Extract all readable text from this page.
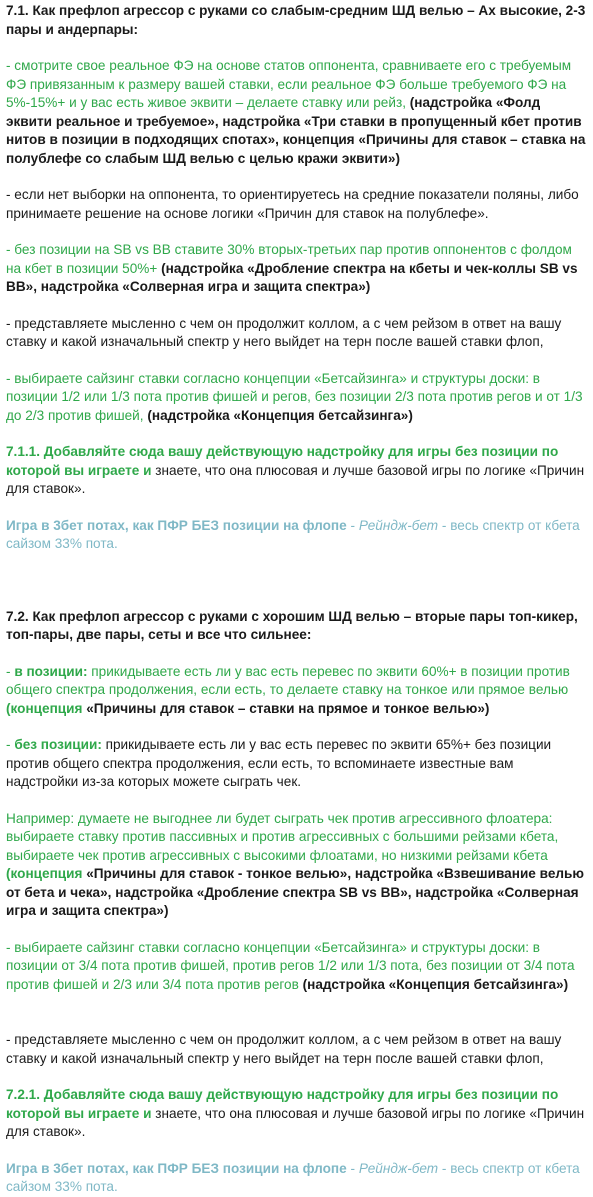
7.1. Как префлоп агрессор с руками со слабым-средним ШД велью – Ах высокие, 2-3 пары и андерпары:

- смотрите свое реальное ФЭ на основе статов оппонента, сравниваете его с требуемым ФЭ привязанным к размеру вашей ставки, если реальное ФЭ больше требуемого ФЭ на 5%-15%+ и у вас есть живое эквити – делаете ставку или рейз, (надстройка «Фолд эквити реальное и требуемое», надстройка «Три ставки в пропущенный кбет против нитов в позиции в подходящих спотах», концепция «Причины для ставок – ставка на полублефе со слабым ШД велью с целью кражи эквити»)

- если нет выборки на оппонента, то ориентируетесь на средние показатели поляны, либо принимаете решение на основе логики «Причин для ставок на полублефе».

- без позиции на SB vs BB ставите 30% вторых-третьих пар против оппонентов с фолдом на кбет в позиции 50%+ (надстройка «Дробление спектра на кбеты и чек-коллы SB vs BB», надстройка «Солверная игра и защита спектра»)

- представляете мысленно с чем он продолжит коллом, а с чем рейзом в ответ на вашу ставку и какой изначальный спектр у него выйдет на терн после вашей ставки флоп,

- выбираете сайзинг ставки согласно концепции «Бетсайзинга» и структуры доски: в позиции 1/2 или 1/3 пота против фишей и регов, без позиции 2/3 пота против регов и от 1/3 до 2/3 против фишей, (надстройка «Концепция бетсайзинга»)

7.1.1. Добавляйте сюда вашу действующую надстройку для игры без позиции по которой вы играете и знаете, что она плюсовая и лучше базовой игры по логике «Причин для ставок».

Игра в 3бет потах, как ПФР БЕЗ позиции на флопе - Рейндж-бет - весь спектр от кбета сайзом 33% пота.

7.2. Как префлоп агрессор с руками с хорошим ШД велью – вторые пары топ-кикер, топ-пары, две пары, сеты и все что сильнее:

- в позиции: прикидываете есть ли у вас есть перевес по эквити 60%+ в позиции против общего спектра продолжения, если есть, то делаете ставку на тонкое или прямое велью (концепция «Причины для ставок – ставки на прямое и тонкое велью»)

- без позиции: прикидываете есть ли у вас есть перевес по эквити 65%+ без позиции против общего спектра продолжения, если есть, то вспоминаете известные вам надстройки из-за которых можете сыграть чек.

Например: думаете не выгоднее ли будет сыграть чек против агрессивного флоатера: выбираете ставку против пассивных и против агрессивных с большими рейзами кбета, выбираете чек против агрессивных с высокими флоатами, но низкими рейзами кбета (концепция «Причины для ставок - тонкое велью», надстройка «Взвешивание велью от бета и чека», надстройка «Дробление спектра SB vs BB», надстройка «Солверная игра и защита спектра»)

- выбираете сайзинг ставки согласно концепции «Бетсайзинга» и структуры доски: в позиции от 3/4 пота против фишей, против регов 1/2 или 1/3 пота, без позиции от 3/4 пота против фишей и 2/3 или 3/4 пота против регов (надстройка «Концепция бетсайзинга»)

- представляете мысленно с чем он продолжит коллом, а с чем рейзом в ответ на вашу ставку и какой изначальный спектр у него выйдет на терн после вашей ставки флоп,

7.2.1. Добавляйте сюда вашу действующую надстройку для игры без позиции по которой вы играете и знаете, что она плюсовая и лучше базовой игры по логике «Причин для ставок».

Игра в 3бет потах, как ПФР БЕЗ позиции на флопе - Рейндж-бет - весь спектр от кбета сайзом 33% пота.
